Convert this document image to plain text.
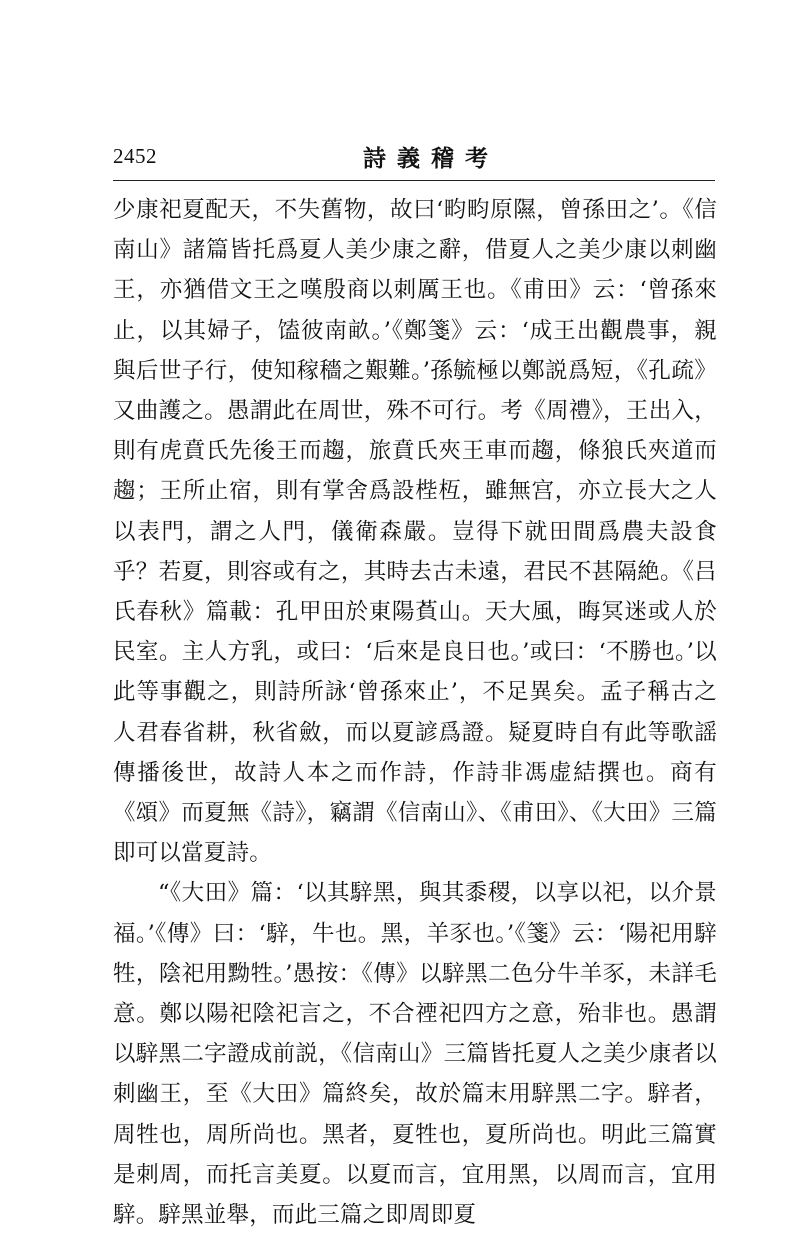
2452	詩義稽考

少康祀夏配天，不失舊物，故曰‘畇畇原隰，曾孫田之’。《信南山》諸篇皆托爲夏人美少康之辭，借夏人之美少康以刺幽王，亦猶借文王之嘆殷商以刺厲王也。《甫田》云：‘曾孫來止，以其婦子，馌彼南畝。’《鄭箋》云：‘成王出觀農事，親與后世子行，使知稼穡之艱難。’孫毓極以鄭説爲短，《孔疏》又曲護之。愚謂此在周世，殊不可行。考《周禮》，王出入，則有虎賁氏先後王而趨，旅賁氏夾王車而趨，條狼氏夾道而趨；王所止宿，則有掌舍爲設梐枑，雖無宫，亦立長大之人以表門，謂之人門，儀衛森嚴。豈得下就田間爲農夫設食乎？若夏，則容或有之，其時去古未遠，君民不甚隔絶。《吕氏春秋》篇載：孔甲田於東陽萯山。天大風，晦冥迷或人於民室。主人方乳，或曰：‘后來是良日也。’或曰：‘不勝也。’以此等事觀之，則詩所詠‘曾孫來止’，不足異矣。孟子稱古之人君春省耕，秋省斂，而以夏諺爲證。疑夏時自有此等歌謡傳播後世，故詩人本之而作詩，作詩非馮虚結撰也。商有《頌》而夏無《詩》，竊謂《信南山》、《甫田》、《大田》三篇即可以當夏詩。

“《大田》篇：‘以其騂黑，與其黍稷，以享以祀，以介景福。’《傳》曰：‘騂，牛也。黑，羊豕也。’《箋》云：‘陽祀用騂牲，陰祀用黝牲。’愚按：《傳》以騂黑二色分牛羊豕，未詳毛意。鄭以陽祀陰祀言之，不合禋祀四方之意，殆非也。愚謂以騂黑二字證成前説，《信南山》三篇皆托夏人之美少康者以刺幽王，至《大田》篇終矣，故於篇末用騂黑二字。騂者，周牲也，周所尚也。黑者，夏牲也，夏所尚也。明此三篇實是刺周，而托言美夏。以夏而言，宜用黑，以周而言，宜用騂。騂黑並舉，而此三篇之即周即夏
